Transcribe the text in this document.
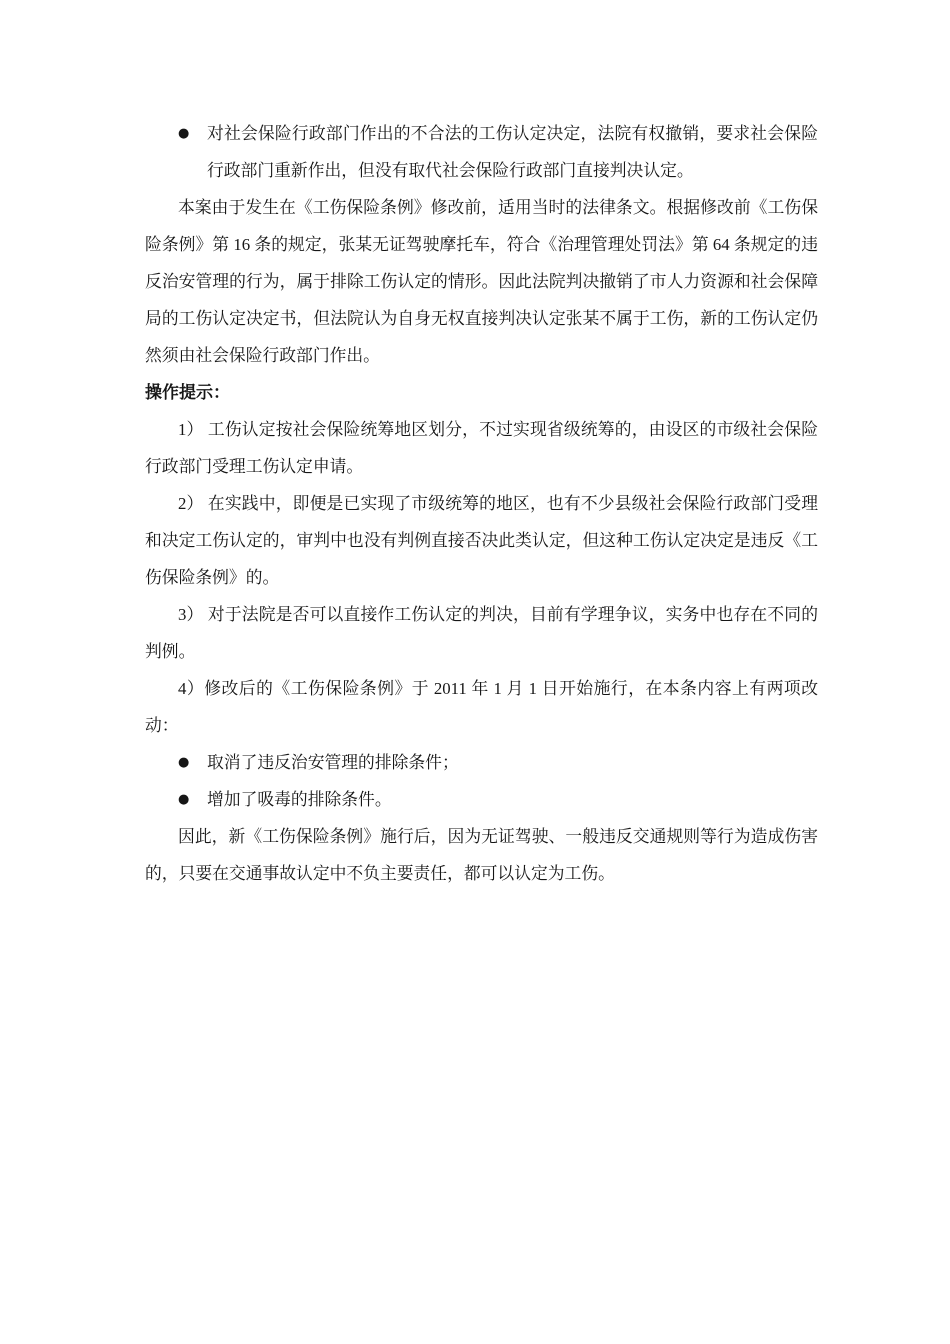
● 对社会保险行政部门作出的不合法的工伤认定决定，法院有权撤销，要求社会保险行政部门重新作出，但没有取代社会保险行政部门直接判决认定。
本案由于发生在《工伤保险条例》修改前，适用当时的法律条文。根据修改前《工伤保险条例》第 16 条的规定，张某无证驾驶摩托车，符合《治理管理处罚法》第 64 条规定的违反治安管理的行为，属于排除工伤认定的情形。因此法院判决撤销了市人力资源和社会保障局的工伤认定决定书，但法院认为自身无权直接判决认定张某不属于工伤，新的工伤认定仍然须由社会保险行政部门作出。
操作提示：
1） 工伤认定按社会保险统筹地区划分，不过实现省级统筹的，由设区的市级社会保险行政部门受理工伤认定申请。
2） 在实践中，即便是已实现了市级统筹的地区，也有不少县级社会保险行政部门受理和决定工伤认定的，审判中也没有判例直接否决此类认定，但这种工伤认定决定是违反《工伤保险条例》的。
3） 对于法院是否可以直接作工伤认定的判决，目前有学理争议，实务中也存在不同的判例。
4）修改后的《工伤保险条例》于 2011 年 1 月 1 日开始施行，在本条内容上有两项改动：
● 取消了违反治安管理的排除条件；
● 增加了吸毒的排除条件。
因此，新《工伤保险条例》施行后，因为无证驾驶、一般违反交通规则等行为造成伤害的，只要在交通事故认定中不负主要责任，都可以认定为工伤。
